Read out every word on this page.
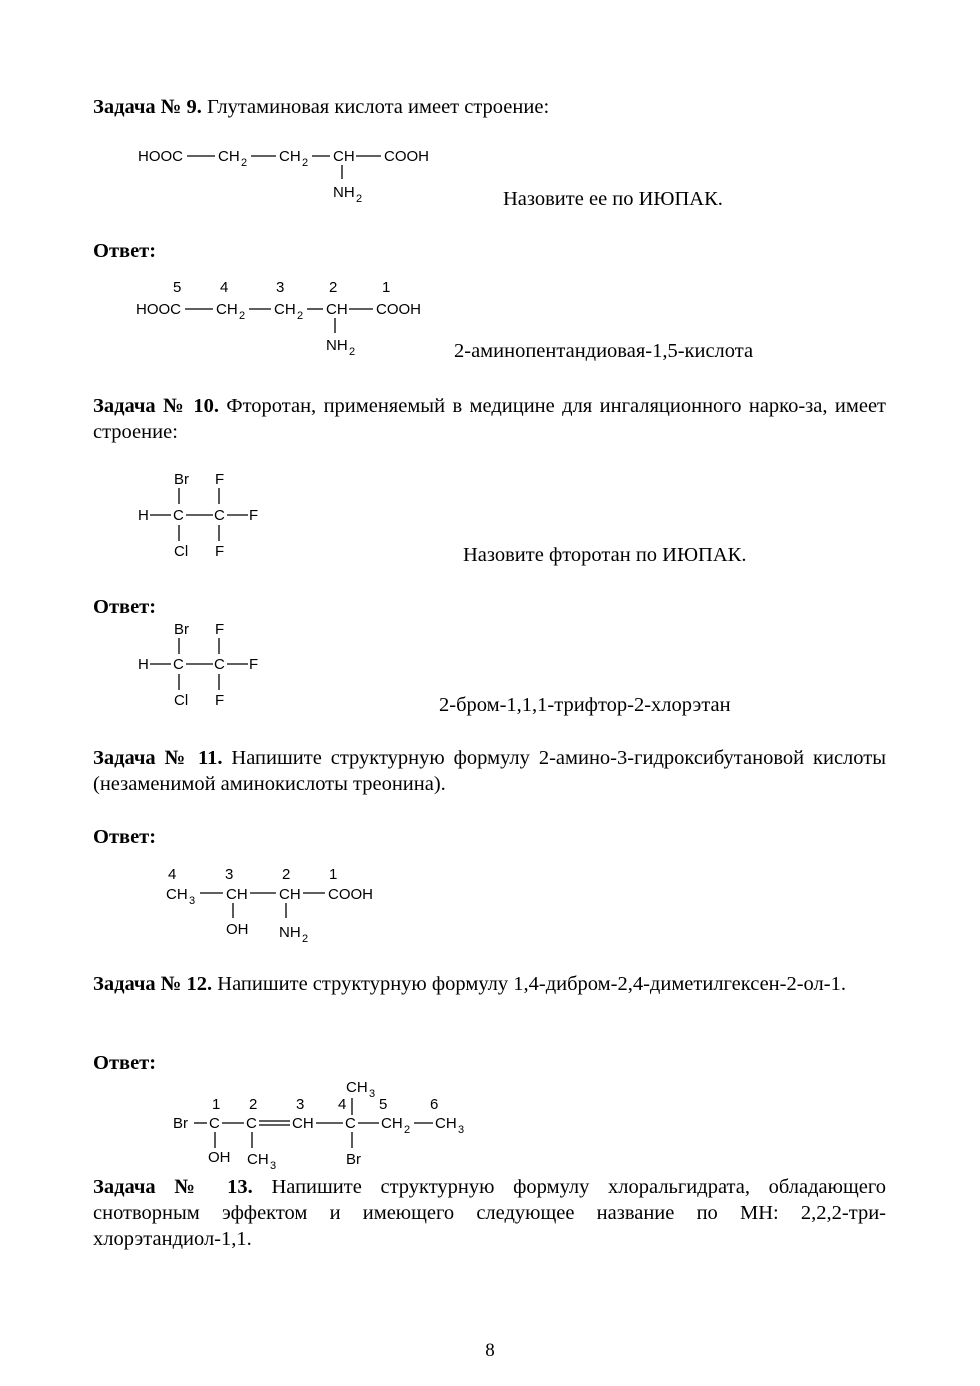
Задача № 9. Глутаминовая кислота имеет строение:
HOOC CH 2 CH 2 CH COOH
NH 2	Назовите ее по ИЮПАК.
Ответ:
5	4	3	2	1
HOOC CH 2 CH 2 CH COOH
NH 2	2-аминопентандиовая-1,5-кислота
Задача № 10. Фторотан, применяемый в медицине для ингаляционного нарко-за, имеет строение:
Br F
H C C F
Cl F	Назовите фторотан по ИЮПАК.
Ответ:
Br F
H C C F
Cl F	2-бром-1,1,1-трифтор-2-хлорэтан
Задача № 11. Напишите структурную формулу 2-амино-3-гидроксибутановой кислоты (незаменимой аминокислоты треонина).
Ответ:
4	3	2	1
CH 3 CH CH COOH
OH NH 2
Задача № 12. Напишите структурную формулу 1,4-дибром-2,4-диметилгексен-2-ол-1.
Ответ:
CH 3
1 2	3 4 5	6
Br C C CH C CH 2 CH 3
OH CH 3	Br
Задача № 13. Напишите структурную формулу хлоральгидрата, обладающего снотворным эффектом и имеющего следующее название по МН: 2,2,2-три-хлорэтандиол-1,1.
8
